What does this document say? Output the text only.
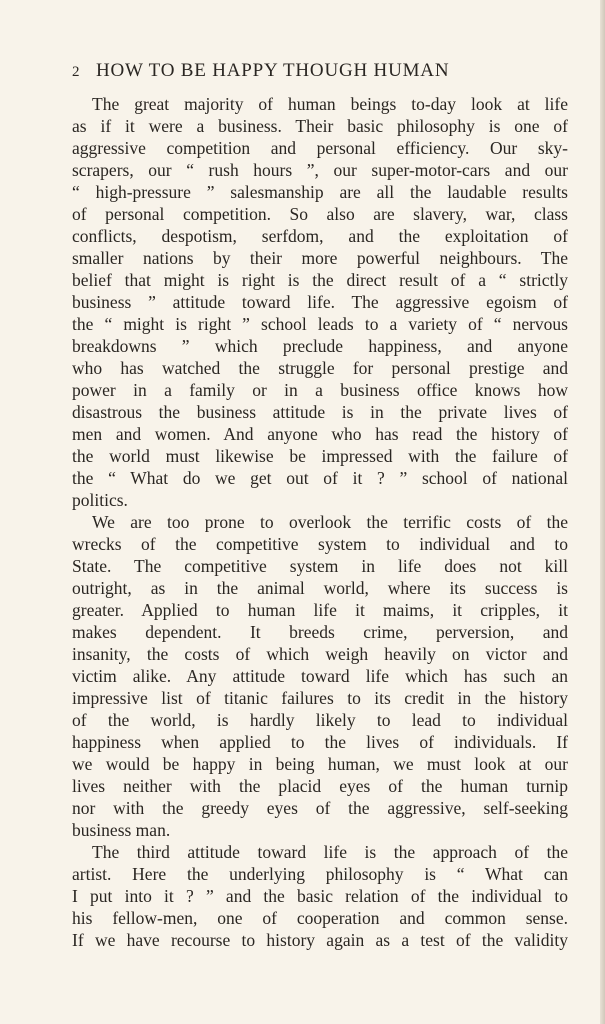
2 HOW TO BE HAPPY THOUGH HUMAN
The great majority of human beings to-day look at life
as if it were a business. Their basic philosophy is one of
aggressive competition and personal efficiency. Our sky-
scrapers, our “ rush hours ”, our super-motor-cars and our
“ high-pressure ” salesmanship are all the laudable results
of personal competition. So also are slavery, war, class
conflicts, despotism, serfdom, and the exploitation of
smaller nations by their more powerful neighbours. The
belief that might is right is the direct result of a “ strictly
business ” attitude toward life. The aggressive egoism of
the “ might is right ” school leads to a variety of “ nervous
breakdowns ” which preclude happiness, and anyone
who has watched the struggle for personal prestige and
power in a family or in a business office knows how
disastrous the business attitude is in the private lives of
men and women. And anyone who has read the history of
the world must likewise be impressed with the failure of
the “ What do we get out of it ? ” school of national
politics.
We are too prone to overlook the terrific costs of the
wrecks of the competitive system to individual and to
State. The competitive system in life does not kill
outright, as in the animal world, where its success is
greater. Applied to human life it maims, it cripples, it
makes dependent. It breeds crime, perversion, and
insanity, the costs of which weigh heavily on victor and
victim alike. Any attitude toward life which has such an
impressive list of titanic failures to its credit in the history
of the world, is hardly likely to lead to individual
happiness when applied to the lives of individuals. If
we would be happy in being human, we must look at our
lives neither with the placid eyes of the human turnip
nor with the greedy eyes of the aggressive, self-seeking
business man.
The third attitude toward life is the approach of the
artist. Here the underlying philosophy is “ What can
I put into it ? ” and the basic relation of the individual to
his fellow-men, one of cooperation and common sense.
If we have recourse to history again as a test of the validity
